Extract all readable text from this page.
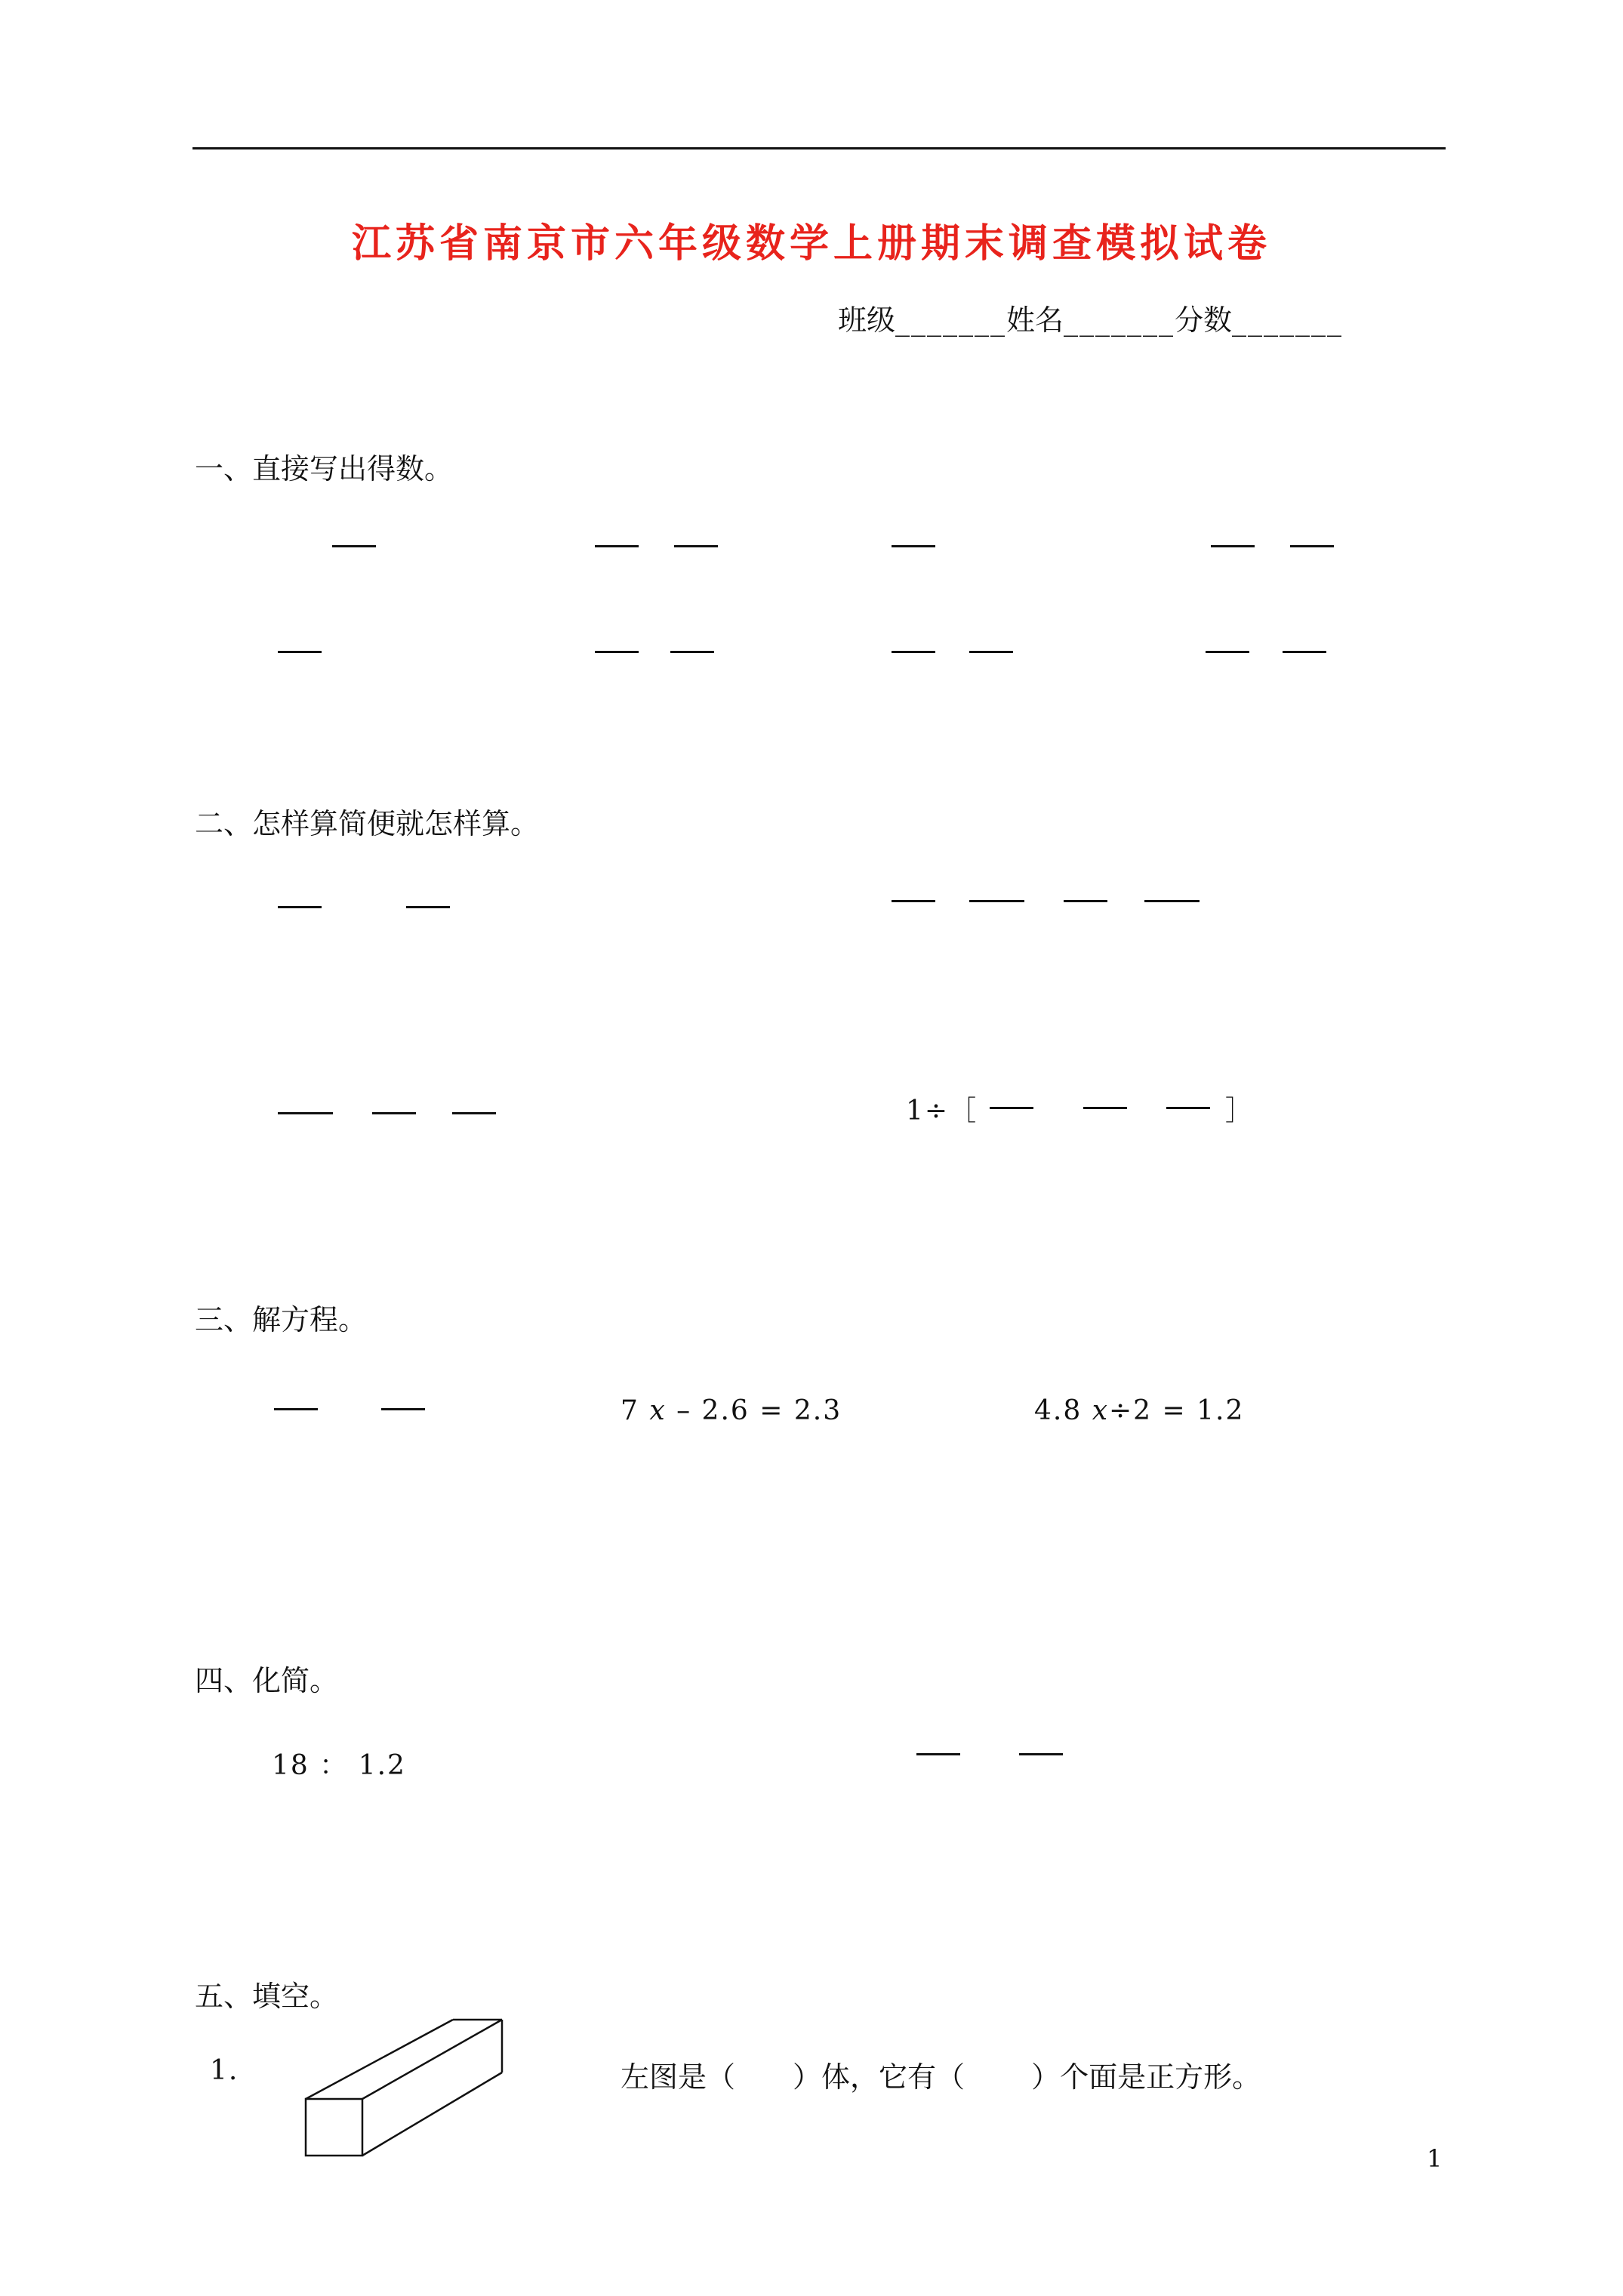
江苏省南京市六年级数学上册期末调查模拟试卷
班级_______姓名_______分数_______
一、直接写出得数。
二、怎样算简便就怎样算。
1÷［	］
三、解方程。
7 x – 2.6 = 2.3	4.8 x÷2 = 1.2
四、化简。
18 ： 1.2
五、填空。
1.	左图是（　　）体，它有（　　 ）个面是正方形。
1
